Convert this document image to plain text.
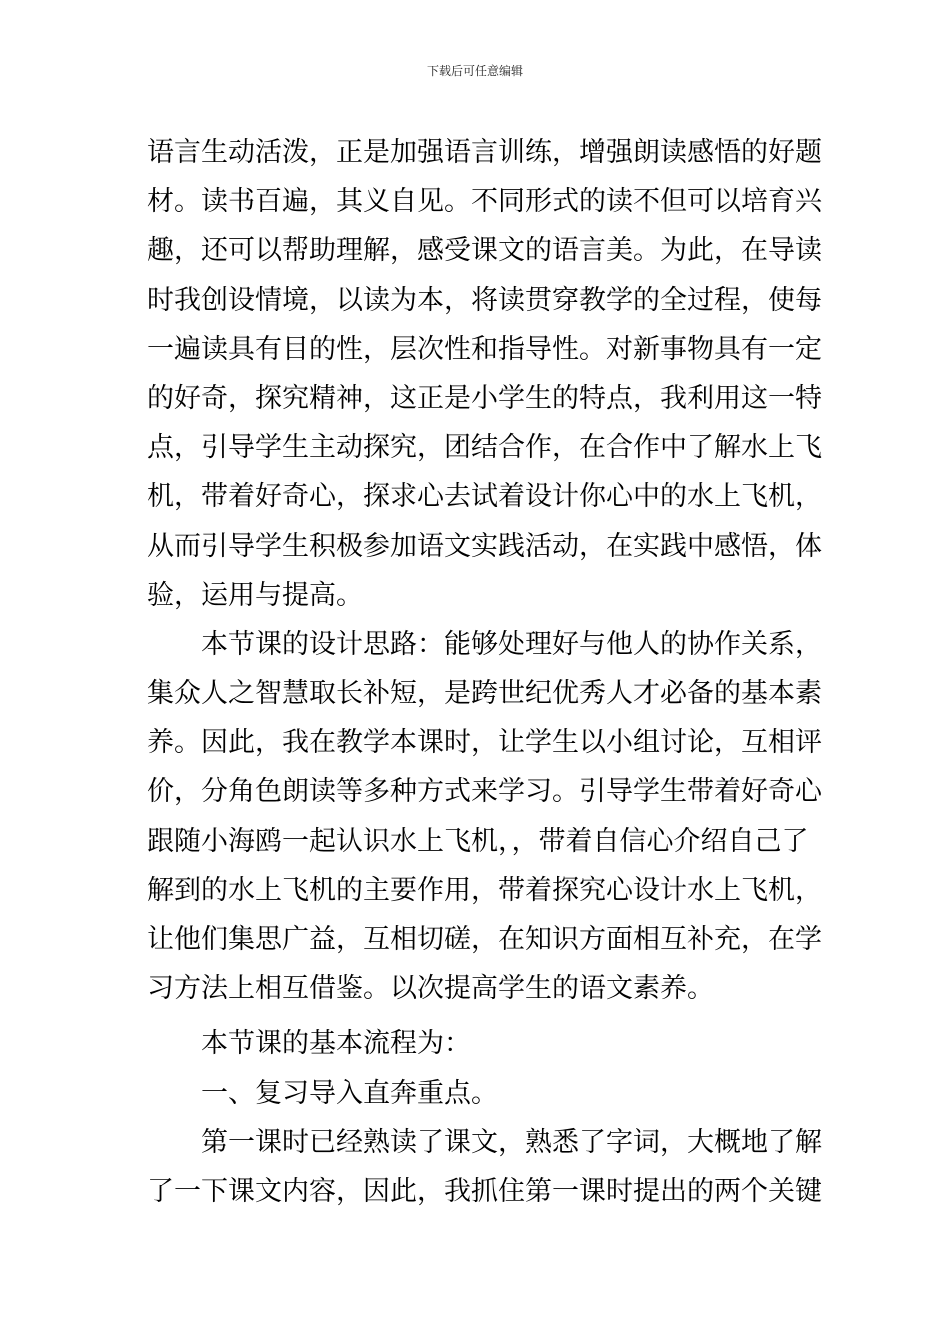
下载后可任意编辑
语言生动活泼，正是加强语言训练，增强朗读感悟的好题
材。读书百遍，其义自见。不同形式的读不但可以培育兴
趣，还可以帮助理解，感受课文的语言美。为此，在导读
时我创设情境，以读为本，将读贯穿教学的全过程，使每
一遍读具有目的性，层次性和指导性。对新事物具有一定
的好奇，探究精神，这正是小学生的特点，我利用这一特
点，引导学生主动探究，团结合作，在合作中了解水上飞
机，带着好奇心，探求心去试着设计你心中的水上飞机，
从而引导学生积极参加语文实践活动，在实践中感悟，体
验，运用与提高。
本节课的设计思路：能够处理好与他人的协作关系，
集众人之智慧取长补短，是跨世纪优秀人才必备的基本素
养。因此，我在教学本课时，让学生以小组讨论，互相评
价，分角色朗读等多种方式来学习。引导学生带着好奇心
跟随小海鸥一起认识水上飞机，，带着自信心介绍自己了
解到的水上飞机的主要作用，带着探究心设计水上飞机，
让他们集思广益，互相切磋，在知识方面相互补充，在学
习方法上相互借鉴。以次提高学生的语文素养。
本节课的基本流程为：
一、复习导入直奔重点。
第一课时已经熟读了课文，熟悉了字词，大概地了解
了一下课文内容，因此，我抓住第一课时提出的两个关键
